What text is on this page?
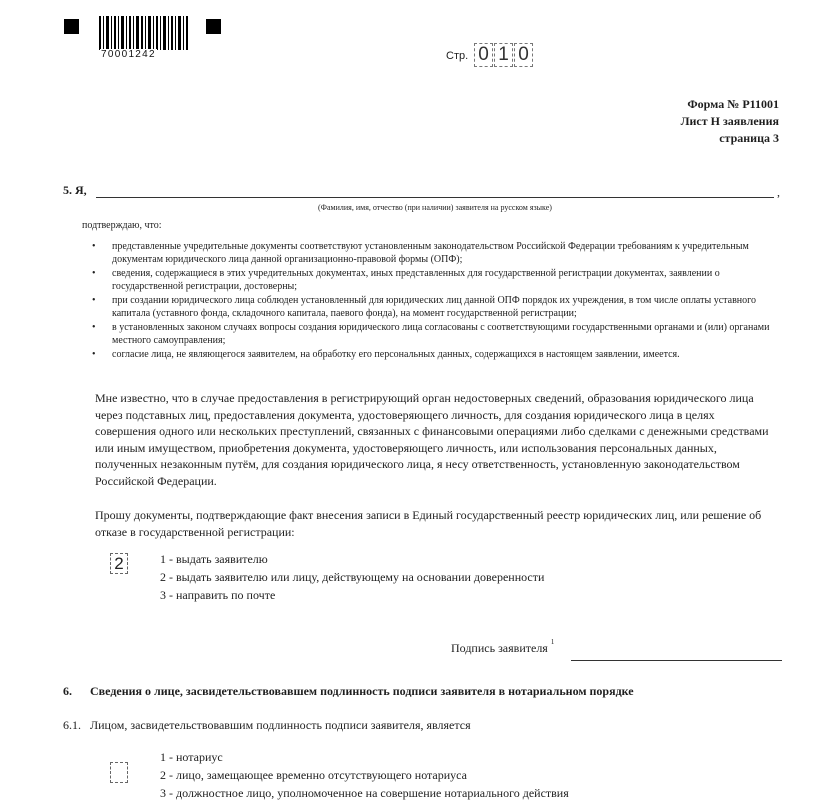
70001242	Стр. 0 1 0
Форма № Р11001
Лист Н заявления
страница 3
5. Я,	,
(Фамилия, имя, отчество (при наличии) заявителя на русском языке)
подтверждаю, что:
• представленные учредительные документы соответствуют установленным законодательством Российской Федерации требованиям к учредительным документам юридического лица данной организационно-правовой формы (ОПФ);
• сведения, содержащиеся в этих учредительных документах, иных представленных для государственной регистрации документах, заявлении о государственной регистрации, достоверны;
• при создании юридического лица соблюден установленный для юридических лиц данной ОПФ порядок их учреждения, в том числе оплаты уставного капитала (уставного фонда, складочного капитала, паевого фонда), на момент государственной регистрации;
• в установленных законом случаях вопросы создания юридического лица согласованы с соответствующими государственными органами и (или) органами местного самоуправления;
• согласие лица, не являющегося заявителем, на обработку его персональных данных, содержащихся в настоящем заявлении, имеется.

Мне известно, что в случае предоставления в регистрирующий орган недостоверных сведений, образования юридического лица через подставных лиц, предоставления документа, удостоверяющего личность, для создания юридического лица в целях совершения одного или нескольких преступлений, связанных с финансовыми операциями либо сделками с денежными средствами или иным имуществом, приобретения документа, удостоверяющего личность, или использования персональных данных, полученных незаконным путём, для создания юридического лица, я несу ответственность, установленную законодательством Российской Федерации.

Прошу документы, подтверждающие факт внесения записи в Единый государственный реестр юридических лиц, или решение об отказе в государственной регистрации:

2	1 - выдать заявителю
2 - выдать заявителю или лицу, действующему на основании доверенности
3 - направить по почте
Подпись заявителя $^1$
6. Сведения о лице, засвидетельствовавшем подлинность подписи заявителя в нотариальном порядке
6.1. Лицом, засвидетельствовавшим подлинность подписи заявителя, является
1 - нотариус
2 - лицо, замещающее временно отсутствующего нотариуса
3 - должностное лицо, уполномоченное на совершение нотариального действия
